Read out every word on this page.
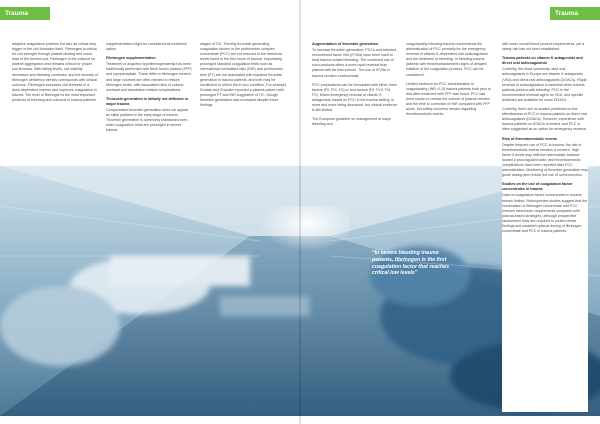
Trauma

adaptive coagulation proteins but also as critical step trigger in the clot formation itself. Fibrinogen is critical for clot strength through platelet binding and cross-links of the formed clot. Fibrinogen is the cofactor for platelet aggregation and remains critical for proper clot firmness. With falling levels, clot stability decreases and bleeding continues, and the severity of fibrinogen deficiency directly corresponds with clinical outcome. Fibrinogen increases clot firmness in a dose-dependent manner and improves coagulation in trauma. The level of fibrinogen is the most important predictor of bleeding and outcome in trauma patients.

supplementation might be considered as treatment option.

Fibrinogen supplementation

Treatment of acquired hypofibrinogenaemia has been traditionally performed with fresh frozen plasma (FFP) and cryoprecipitate. These differ in fibrinogen content and large volumes are often needed to restore fibrinogen levels, with associated risks of volume overload and transfusion related complications.

Thrombin generation is initially not deficient in major trauma

Compromised thrombin generation does not appear as initial problem in the early stage of trauma. Thrombin generation is commonly maintained even when coagulation tests are prolonged in severe trauma.

stages of TIC. Thereby thrombin generating coagulation factors in the prothrombin complex concentrate (PCC) are not reduced to the threshold levels found in the first hours of trauma. Importantly, prolonged standard coagulation tests such as international normalised ratio (INR) and prothrombin time (PT) are not associated with impaired thrombin generation in trauma patients, and both may be insufficient to reflect the in vivo condition. For example, Dunbar and Chandler reported a plasma pattern with prolonged PT and INR suggestive of TIC, though thrombin generation was increased despite these findings.

Trauma
Augmentation of thrombin generation

To increase thrombin generation, PCCs and selected recombinant factor VIIa (rFVIIa) have been used to treat trauma-related bleeding. The combined use of such products offers a more rapid reversal than plasma with far less volume. The use of rFVIIa in trauma remains controversial.

PCC preparations can be formulated with either three factors (FII, FIX, FX) or four factors (FII, FVII, FIX, FX). Mixed emergency reversal of vitamin K antagonists, based on PCC in the trauma setting, is more and more being discussed, but clinical evidence is still limited.

The European guideline on management of major bleeding and

coagulopathy following trauma recommends the administration of PCC primarily for the emergency reversal of vitamin K-dependent oral anticoagulants and the treatment of bleeding. In bleeding trauma patients with thromboelastometric signs of delayed initiation of the coagulation process, PCC can be considered.

Limited evidence for PCC administration in coagulopathy (INR >1.5) trauma patients both prior to and after treatment with FFP was found. PCC has been shown to reduce the volume of plasma needed and the time to correction of INR compared with FFP alone, but safety concerns remain regarding thromboembolic events.

with lower overall blood product requirements, yet a safety risk has not been established.

Trauma patients on vitamin K antagonists and direct oral anticoagulants

Currently, the most commonly used oral anticoagulants in Europe are vitamin K antagonists (VKA) and direct oral anticoagulants (DOACs). Rapid reversal of anticoagulation is essential when trauma patients present with bleeding. PCC is the recommended reversal agent for VKA, and specific antidotes are available for some DOACs.

Currently, there are no studies published on the effectiveness of PCC in trauma patients on direct oral anticoagulants (DOACs). However, experience with trauma patients on DOACs is limited, and PCC is often suggested as an option for emergency reversal.

Risk of thromboembolic events

Despite frequent use of PCC in trauma, the risk of thromboembolic events remains a concern. High factor II levels may shift the haemostatic balance toward a procoagulant state, and thromboembolic complications have been reported after PCC administration. Monitoring of thrombin generation may guide dosing and reduce the risk of overcorrection.

Studies on the use of coagulation factor concentrates in trauma

Data on coagulation factor concentrates in trauma remain limited. Retrospective studies suggest that the combination of fibrinogen concentrate and PCC reduces transfusion requirements compared with plasma-based strategies, although prospective randomised trials are required to confirm these findings and establish optimal dosing of fibrinogen concentrate and PCC in trauma patients.

“In severe bleeding trauma patients, fibrinogen is the first coagulation factor that reaches critical low levels”
